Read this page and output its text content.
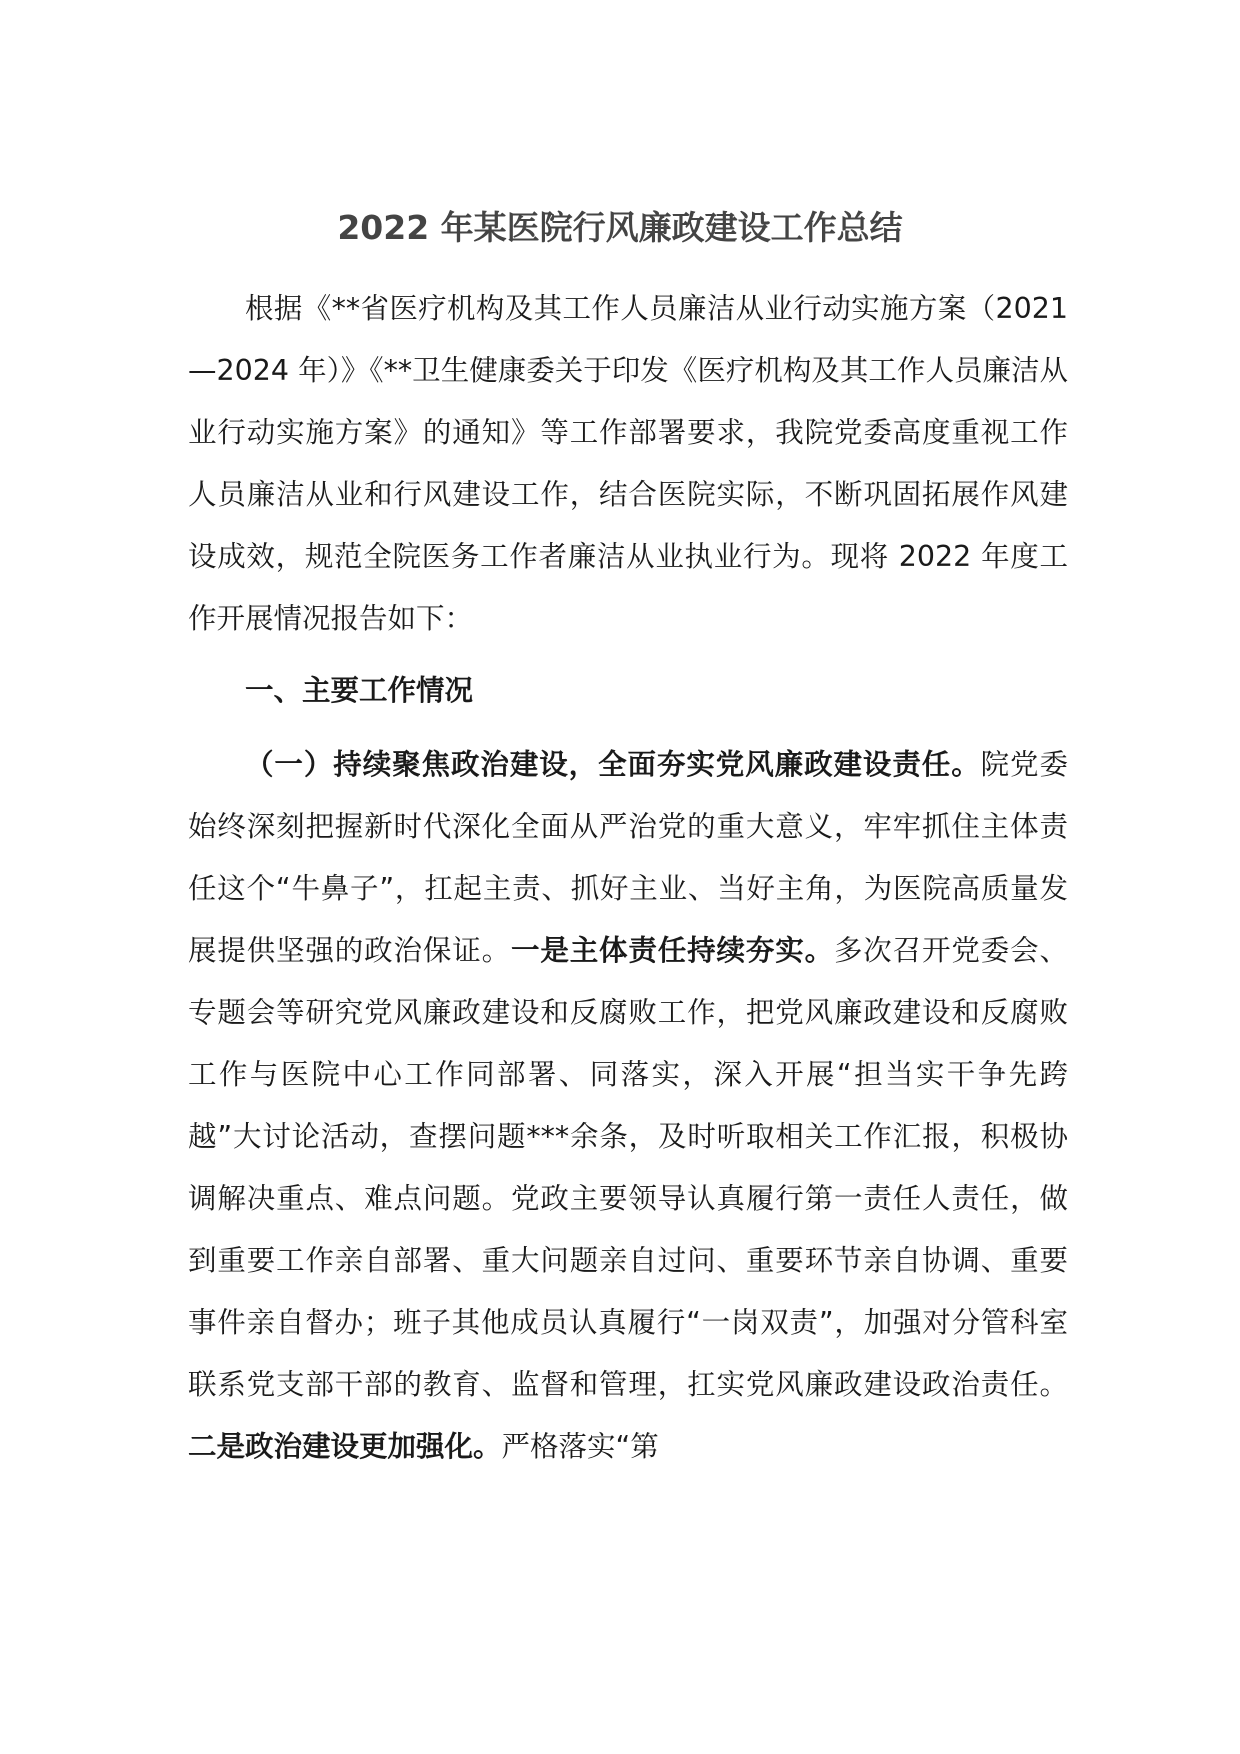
2022 年某医院行风廉政建设工作总结

根据《**省医疗机构及其工作人员廉洁从业行动实施方案（2021—2024 年）》《**卫生健康委关于印发《医疗机构及其工作人员廉洁从业行动实施方案》的通知》等工作部署要求，我院党委高度重视工作人员廉洁从业和行风建设工作，结合医院实际，不断巩固拓展作风建设成效，规范全院医务工作者廉洁从业执业行为。现将 2022 年度工作开展情况报告如下：

一、主要工作情况

（一）持续聚焦政治建设，全面夯实党风廉政建设责任。院党委始终深刻把握新时代深化全面从严治党的重大意义，牢牢抓住主体责任这个“牛鼻子”，扛起主责、抓好主业、当好主角，为医院高质量发展提供坚强的政治保证。一是主体责任持续夯实。多次召开党委会、专题会等研究党风廉政建设和反腐败工作，把党风廉政建设和反腐败工作与医院中心工作同部署、同落实，深入开展“担当实干争先跨越”大讨论活动，查摆问题***余条，及时听取相关工作汇报，积极协调解决重点、难点问题。党政主要领导认真履行第一责任人责任，做到重要工作亲自部署、重大问题亲自过问、重要环节亲自协调、重要事件亲自督办；班子其他成员认真履行“一岗双责”，加强对分管科室联系党支部干部的教育、监督和管理，扛实党风廉政建设政治责任。二是政治建设更加强化。严格落实“第
